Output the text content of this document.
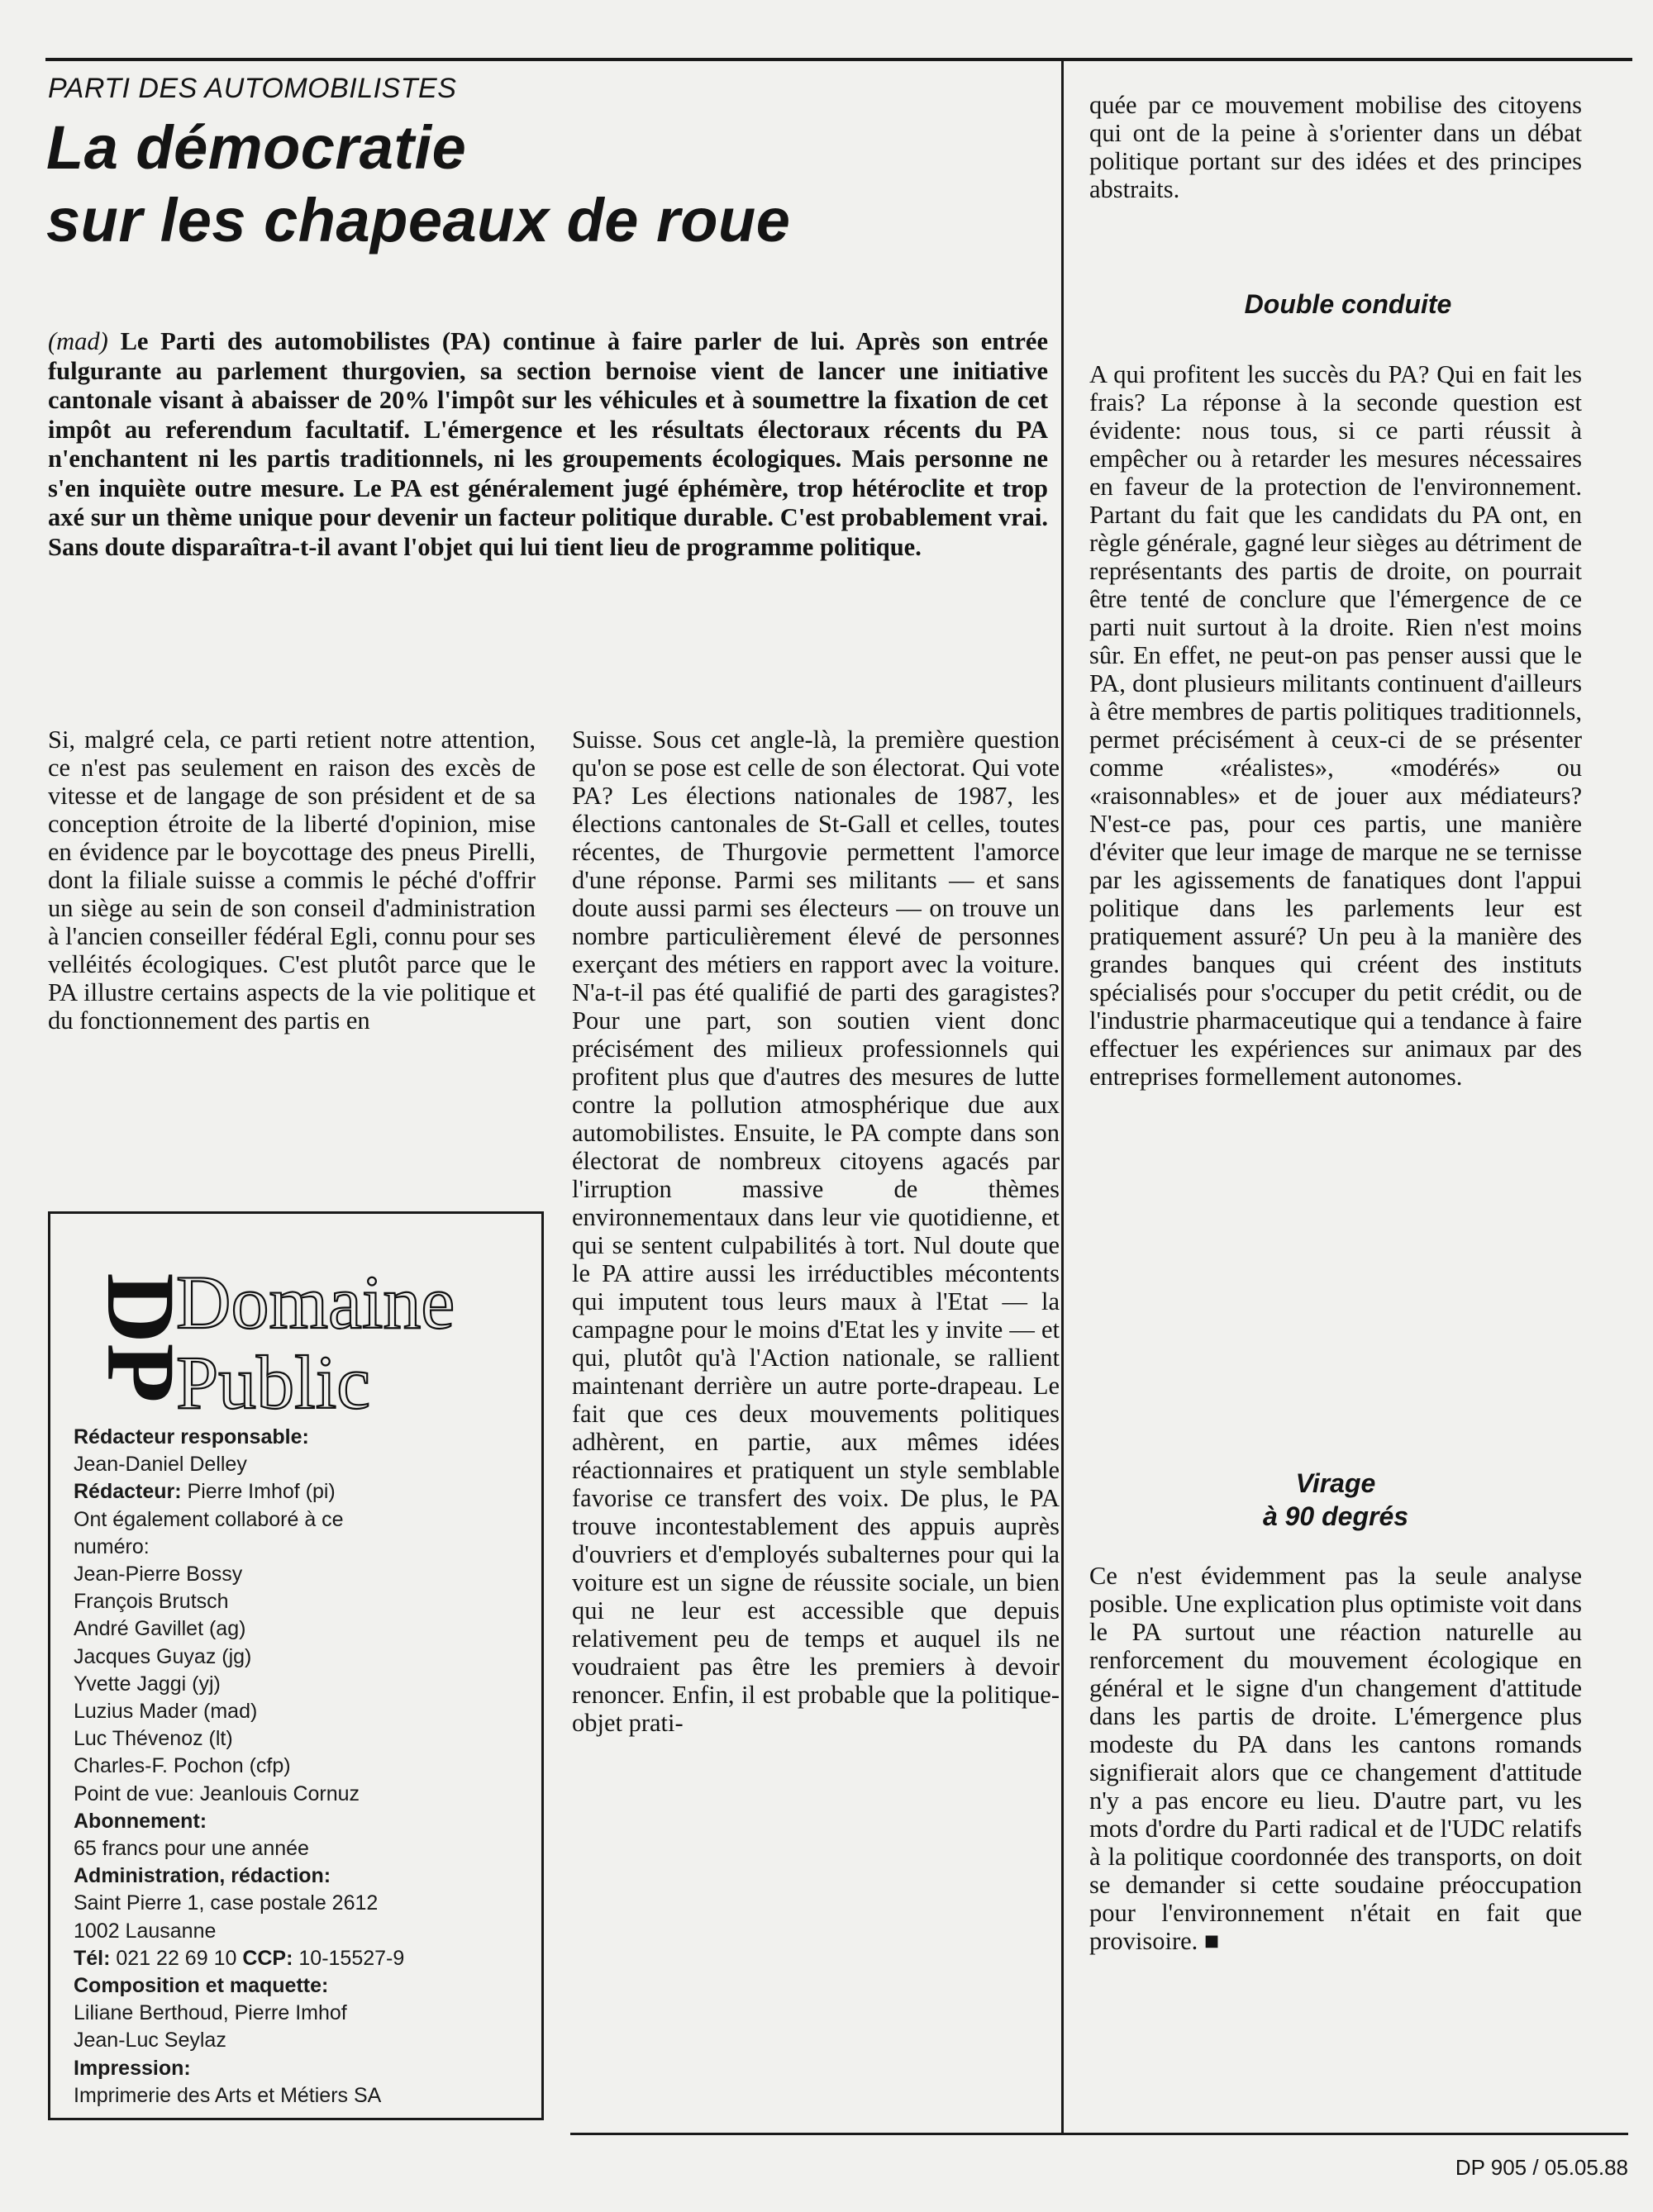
PARTI DES AUTOMOBILISTES
La démocratie
sur les chapeaux de roue
(mad) Le Parti des automobilistes (PA) continue à faire parler de lui. Après son entrée fulgurante au parlement thurgovien, sa section bernoise vient de lancer une initiative cantonale visant à abaisser de 20% l'impôt sur les véhicules et à soumettre la fixation de cet impôt au referendum facultatif. L'émergence et les résultats électoraux récents du PA n'enchantent ni les partis traditionnels, ni les groupements écologiques. Mais personne ne s'en inquiète outre mesure. Le PA est généralement jugé éphémère, trop hétéroclite et trop axé sur un thème unique pour devenir un facteur politique durable. C'est probablement vrai. Sans doute disparaîtra-t-il avant l'objet qui lui tient lieu de programme politique.
Si, malgré cela, ce parti retient notre attention, ce n'est pas seulement en raison des excès de vitesse et de langage de son président et de sa conception étroite de la liberté d'opinion, mise en évidence par le boycottage des pneus Pirelli, dont la filiale suisse a commis le péché d'offrir un siège au sein de son conseil d'administration à l'ancien conseiller fédéral Egli, connu pour ses velléités écologiques. C'est plutôt parce que le PA illustre certains aspects de la vie politique et du fonctionnement des partis en
Suisse. Sous cet angle-là, la première question qu'on se pose est celle de son électorat. Qui vote PA? Les élections nationales de 1987, les élections cantonales de St-Gall et celles, toutes récentes, de Thurgovie permettent l'amorce d'une réponse. Parmi ses militants — et sans doute aussi parmi ses électeurs — on trouve un nombre particulièrement élevé de personnes exerçant des métiers en rapport avec la voiture. N'a-t-il pas été qualifié de parti des garagistes? Pour une part, son soutien vient donc précisément des milieux professionnels qui profitent plus que d'autres des mesures de lutte contre la pollution atmosphérique due aux automobilistes. Ensuite, le PA compte dans son électorat de nombreux citoyens agacés par l'irruption massive de thèmes environnementaux dans leur vie quotidienne, et qui se sentent culpabilités à tort. Nul doute que le PA attire aussi les irréductibles mécontents qui imputent tous leurs maux à l'Etat — la campagne pour le moins d'Etat les y invite — et qui, plutôt qu'à l'Action nationale, se rallient maintenant derrière un autre porte-drapeau. Le fait que ces deux mouvements politiques adhèrent, en partie, aux mêmes idées réactionnaires et pratiquent un style semblable favorise ce transfert des voix. De plus, le PA trouve incontestablement des appuis auprès d'ouvriers et d'employés subalternes pour qui la voiture est un signe de réussite sociale, un bien qui ne leur est accessible que depuis relativement peu de temps et auquel ils ne voudraient pas être les premiers à devoir renoncer. Enfin, il est probable que la politique-objet prati-
quée par ce mouvement mobilise des citoyens qui ont de la peine à s'orienter dans un débat politique portant sur des idées et des principes abstraits.
Double conduite
A qui profitent les succès du PA? Qui en fait les frais? La réponse à la seconde question est évidente: nous tous, si ce parti réussit à empêcher ou à retarder les mesures nécessaires en faveur de la protection de l'environnement. Partant du fait que les candidats du PA ont, en règle générale, gagné leur sièges au détriment de représentants des partis de droite, on pourrait être tenté de conclure que l'émergence de ce parti nuit surtout à la droite. Rien n'est moins sûr. En effet, ne peut-on pas penser aussi que le PA, dont plusieurs militants continuent d'ailleurs à être membres de partis politiques traditionnels, permet précisément à ceux-ci de se présenter comme «réalistes», «modérés» ou «raisonnables» et de jouer aux médiateurs? N'est-ce pas, pour ces partis, une manière d'éviter que leur image de marque ne se ternisse par les agissements de fanatiques dont l'appui politique dans les parlements leur est pratiquement assuré? Un peu à la manière des grandes banques qui créent des instituts spécialisés pour s'occuper du petit crédit, ou de l'industrie pharmaceutique qui a tendance à faire effectuer les expériences sur animaux par des entreprises formellement autonomes.
Virage
à 90 degrés
Ce n'est évidemment pas la seule analyse posible. Une explication plus optimiste voit dans le PA surtout une réaction naturelle au renforcement du mouvement écologique en général et le signe d'un changement d'attitude dans les partis de droite. L'émergence plus modeste du PA dans les cantons romands signifierait alors que ce changement d'attitude n'y a pas encore eu lieu. D'autre part, vu les mots d'ordre du Parti radical et de l'UDC relatifs à la politique coordonnée des transports, on doit se demander si cette soudaine préoccupation pour l'environnement n'était en fait que provisoire. ■
DP
Domaine
Public
Rédacteur responsable:
Jean-Daniel Delley
Rédacteur: Pierre Imhof (pi)
Ont également collaboré à ce
numéro:
Jean-Pierre Bossy
François Brutsch
André Gavillet (ag)
Jacques Guyaz (jg)
Yvette Jaggi (yj)
Luzius Mader (mad)
Luc Thévenoz (lt)
Charles-F. Pochon (cfp)
Point de vue: Jeanlouis Cornuz
Abonnement:
65 francs pour une année
Administration, rédaction:
Saint Pierre 1, case postale 2612
1002 Lausanne
Tél: 021 22 69 10 CCP: 10-15527-9
Composition et maquette:
Liliane Berthoud, Pierre Imhof
Jean-Luc Seylaz
Impression:
Imprimerie des Arts et Métiers SA
DP 905 / 05.05.88
